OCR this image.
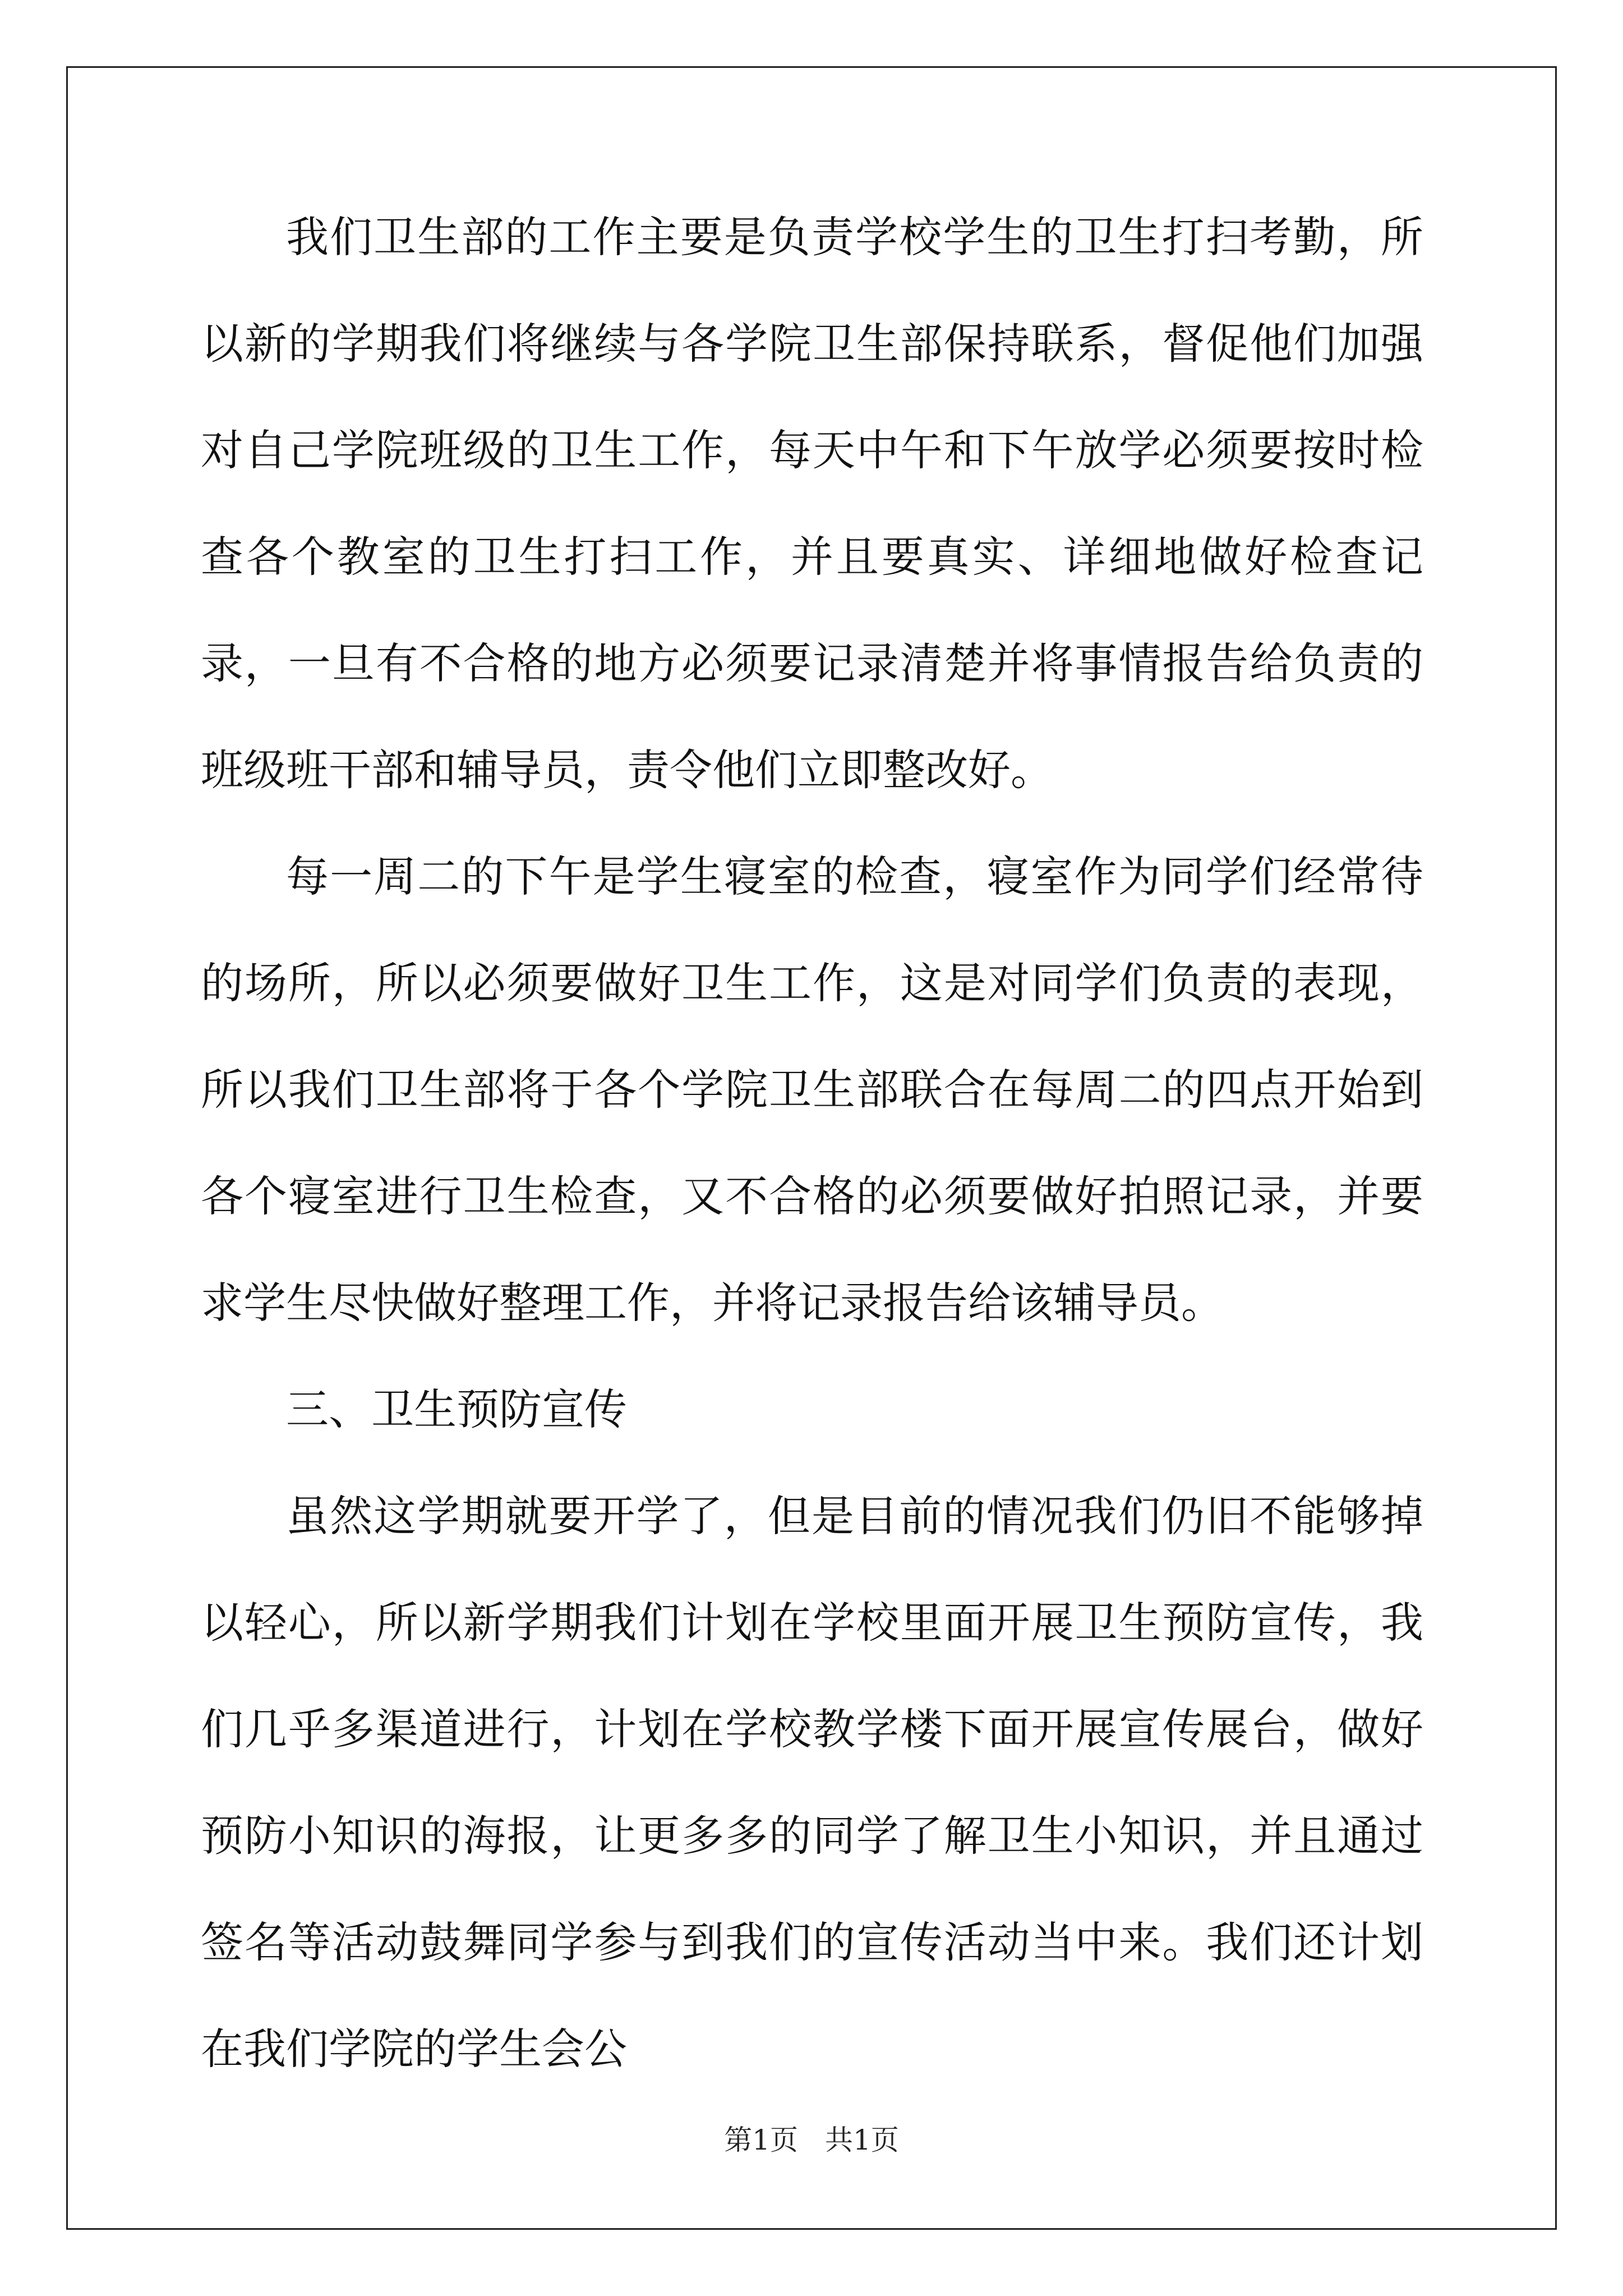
我们卫生部的工作主要是负责学校学生的卫生打扫考勤，所以新的学期我们将继续与各学院卫生部保持联系，督促他们加强对自己学院班级的卫生工作，每天中午和下午放学必须要按时检查各个教室的卫生打扫工作，并且要真实、详细地做好检查记录，一旦有不合格的地方必须要记录清楚并将事情报告给负责的班级班干部和辅导员，责令他们立即整改好。

每一周二的下午是学生寝室的检查，寝室作为同学们经常待的场所，所以必须要做好卫生工作，这是对同学们负责的表现，所以我们卫生部将于各个学院卫生部联合在每周二的四点开始到各个寝室进行卫生检查，又不合格的必须要做好拍照记录，并要求学生尽快做好整理工作，并将记录报告给该辅导员。

三、卫生预防宣传

虽然这学期就要开学了，但是目前的情况我们仍旧不能够掉以轻心，所以新学期我们计划在学校里面开展卫生预防宣传，我们几乎多渠道进行，计划在学校教学楼下面开展宣传展台，做好预防小知识的海报，让更多多的同学了解卫生小知识，并且通过签名等活动鼓舞同学参与到我们的宣传活动当中来。我们还计划在我们学院的学生会公

第1页 共1页
